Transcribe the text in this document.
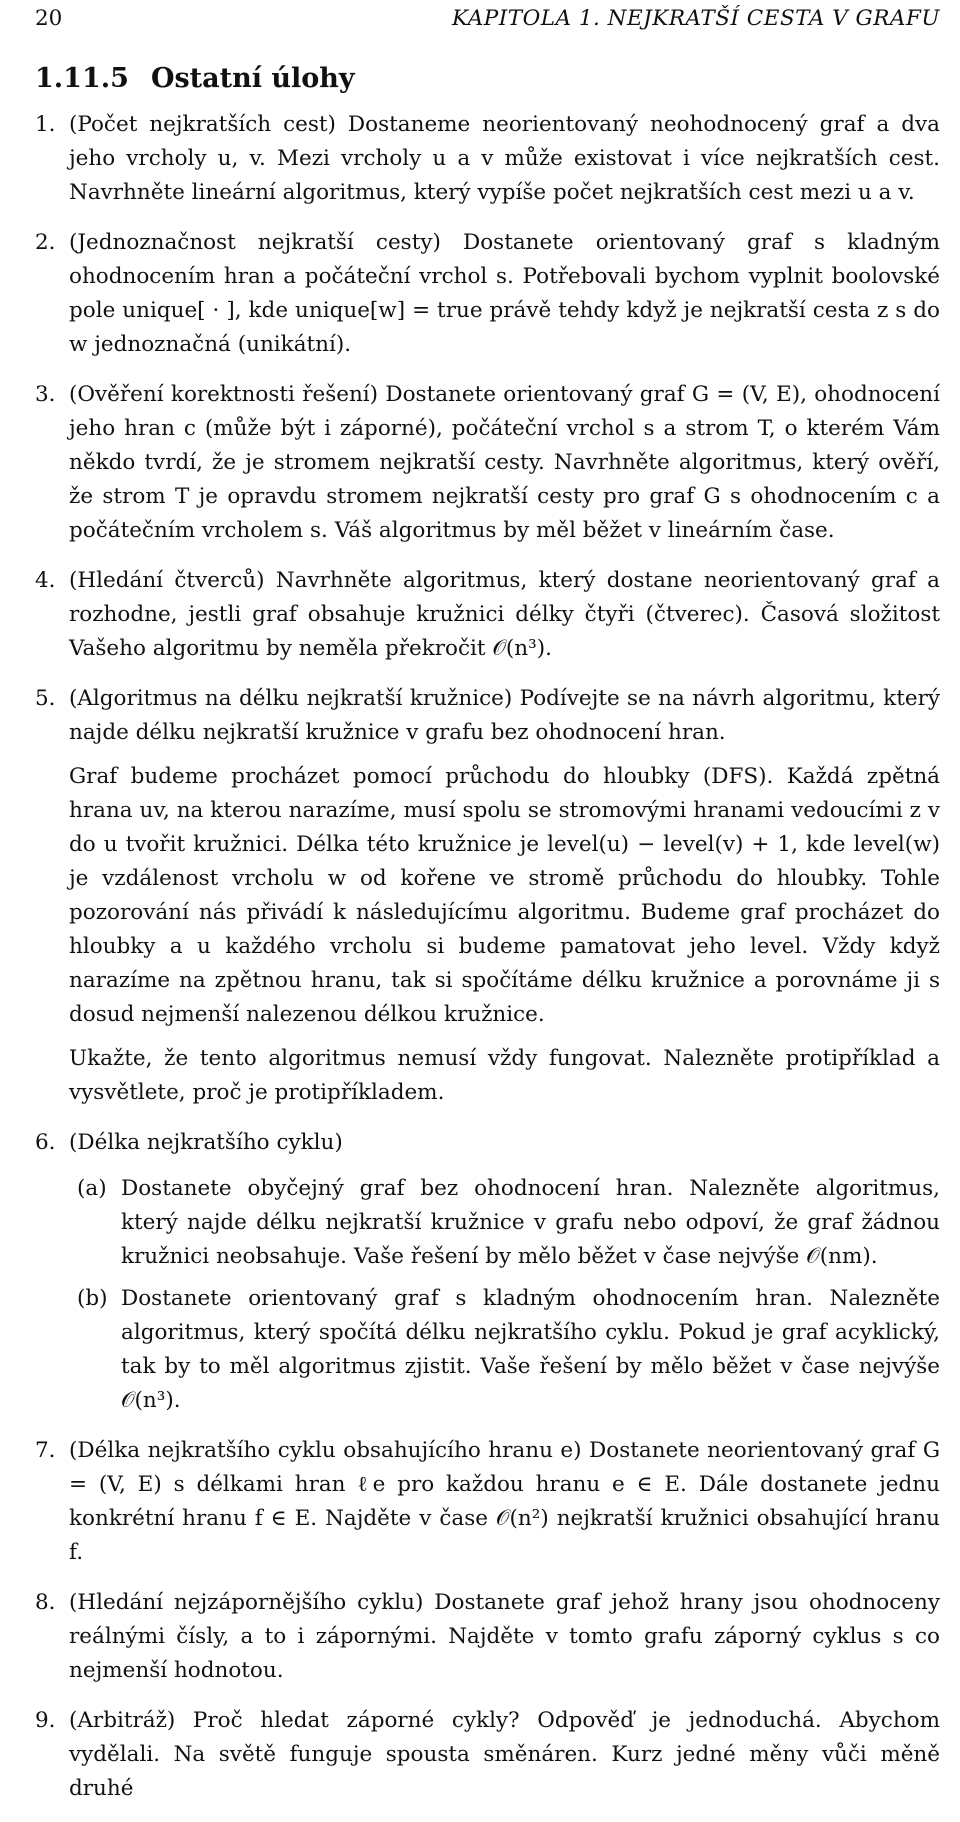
20	KAPITOLA 1. NEJKRATŠÍ CESTA V GRAFU
1.11.5 Ostatní úlohy
1. (Počet nejkratších cest) Dostaneme neorientovaný neohodnocený graf a dva jeho vrcholy u, v. Mezi vrcholy u a v může existovat i více nejkratších cest. Navrhněte lineární algoritmus, který vypíše počet nejkratších cest mezi u a v.
2. (Jednoznačnost nejkratší cesty) Dostanete orientovaný graf s kladným ohodnocením hran a počáteční vrchol s. Potřebovali bychom vyplnit boolovské pole unique[ · ], kde unique[w] = true právě tehdy když je nejkratší cesta z s do w jednoznačná (unikátní).
3. (Ověření korektnosti řešení) Dostanete orientovaný graf G = (V, E), ohodnocení jeho hran c (může být i záporné), počáteční vrchol s a strom T, o kterém Vám někdo tvrdí, že je stromem nejkratší cesty. Navrhněte algoritmus, který ověří, že strom T je opravdu stromem nejkratší cesty pro graf G s ohodnocením c a počátečním vrcholem s. Váš algoritmus by měl běžet v lineárním čase.
4. (Hledání čtverců) Navrhněte algoritmus, který dostane neorientovaný graf a rozhodne, jestli graf obsahuje kružnici délky čtyři (čtverec). Časová složitost Vašeho algoritmu by neměla překročit 𝒪(n³).
5. (Algoritmus na délku nejkratší kružnice) Podívejte se na návrh algoritmu, který najde délku nejkratší kružnice v grafu bez ohodnocení hran.

Graf budeme procházet pomocí průchodu do hloubky (DFS). Každá zpětná hrana uv, na kterou narazíme, musí spolu se stromovými hranami vedoucími z v do u tvořit kružnici. Délka této kružnice je level(u) − level(v) + 1, kde level(w) je vzdálenost vrcholu w od kořene ve stromě průchodu do hloubky. Tohle pozorování nás přivádí k následujícímu algoritmu. Budeme graf procházet do hloubky a u každého vrcholu si budeme pamatovat jeho level. Vždy když narazíme na zpětnou hranu, tak si spočítáme délku kružnice a porovnáme ji s dosud nejmenší nalezenou délkou kružnice.

Ukažte, že tento algoritmus nemusí vždy fungovat. Nalezněte protipříklad a vysvětlete, proč je protipříkladem.

6. (Délka nejkratšího cyklu)
(a) Dostanete obyčejný graf bez ohodnocení hran. Nalezněte algoritmus, který najde délku nejkratší kružnice v grafu nebo odpoví, že graf žádnou kružnici neobsahuje. Vaše řešení by mělo běžet v čase nejvýše 𝒪(nm).
(b) Dostanete orientovaný graf s kladným ohodnocením hran. Nalezněte algoritmus, který spočítá délku nejkratšího cyklu. Pokud je graf acyklický, tak by to měl algoritmus zjistit. Vaše řešení by mělo běžet v čase nejvýše 𝒪(n³).
7. (Délka nejkratšího cyklu obsahujícího hranu e) Dostanete neorientovaný graf G = (V, E) s délkami hran ℓe pro každou hranu e ∈ E. Dále dostanete jednu konkrétní hranu f ∈ E. Najděte v čase 𝒪(n²) nejkratší kružnici obsahující hranu f.
8. (Hledání nejzápornějšího cyklu) Dostanete graf jehož hrany jsou ohodnoceny reálnými čísly, a to i zápornými. Najděte v tomto grafu záporný cyklus s co nejmenší hodnotou.
9. (Arbitráž) Proč hledat záporné cykly? Odpověď je jednoduchá. Abychom vydělali. Na světě funguje spousta směnáren. Kurz jedné měny vůči měně druhé
